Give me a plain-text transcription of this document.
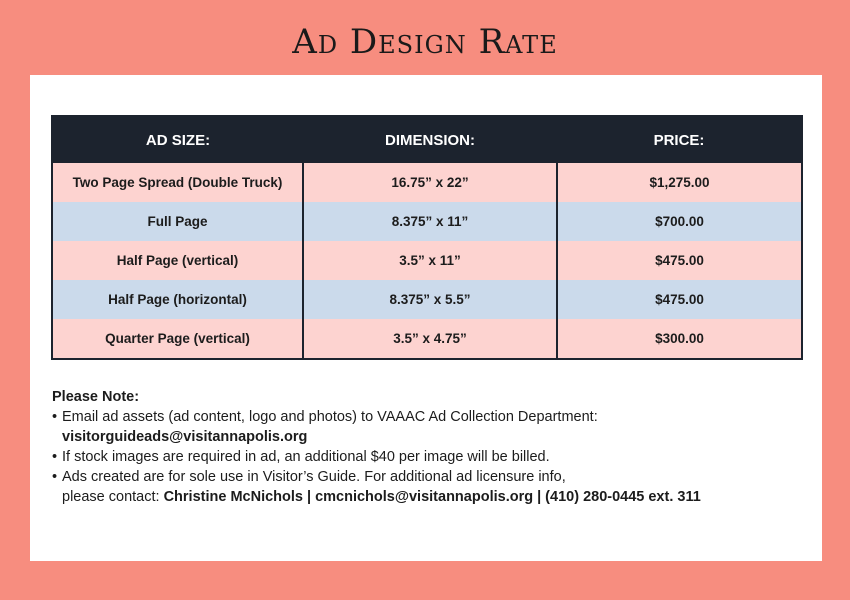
Ad Design Rate
AD SIZE:	DIMENSION:	PRICE:
Two Page Spread (Double Truck)	16.75” x 22”	$1,275.00
Full Page	8.375” x 11”	$700.00
Half Page (vertical)	3.5” x 11”	$475.00
Half Page (horizontal)	8.375” x 5.5”	$475.00
Quarter Page (vertical)	3.5” x 4.75”	$300.00
Please Note:
• Email ad assets (ad content, logo and photos) to VAAAC Ad Collection Department:
visitorguideads@visitannapolis.org
• If stock images are required in ad, an additional $40 per image will be billed.
• Ads created are for sole use in Visitor’s Guide. For additional ad licensure info,
please contact: Christine McNichols | cmcnichols@visitannapolis.org | (410) 280-0445 ext. 311
